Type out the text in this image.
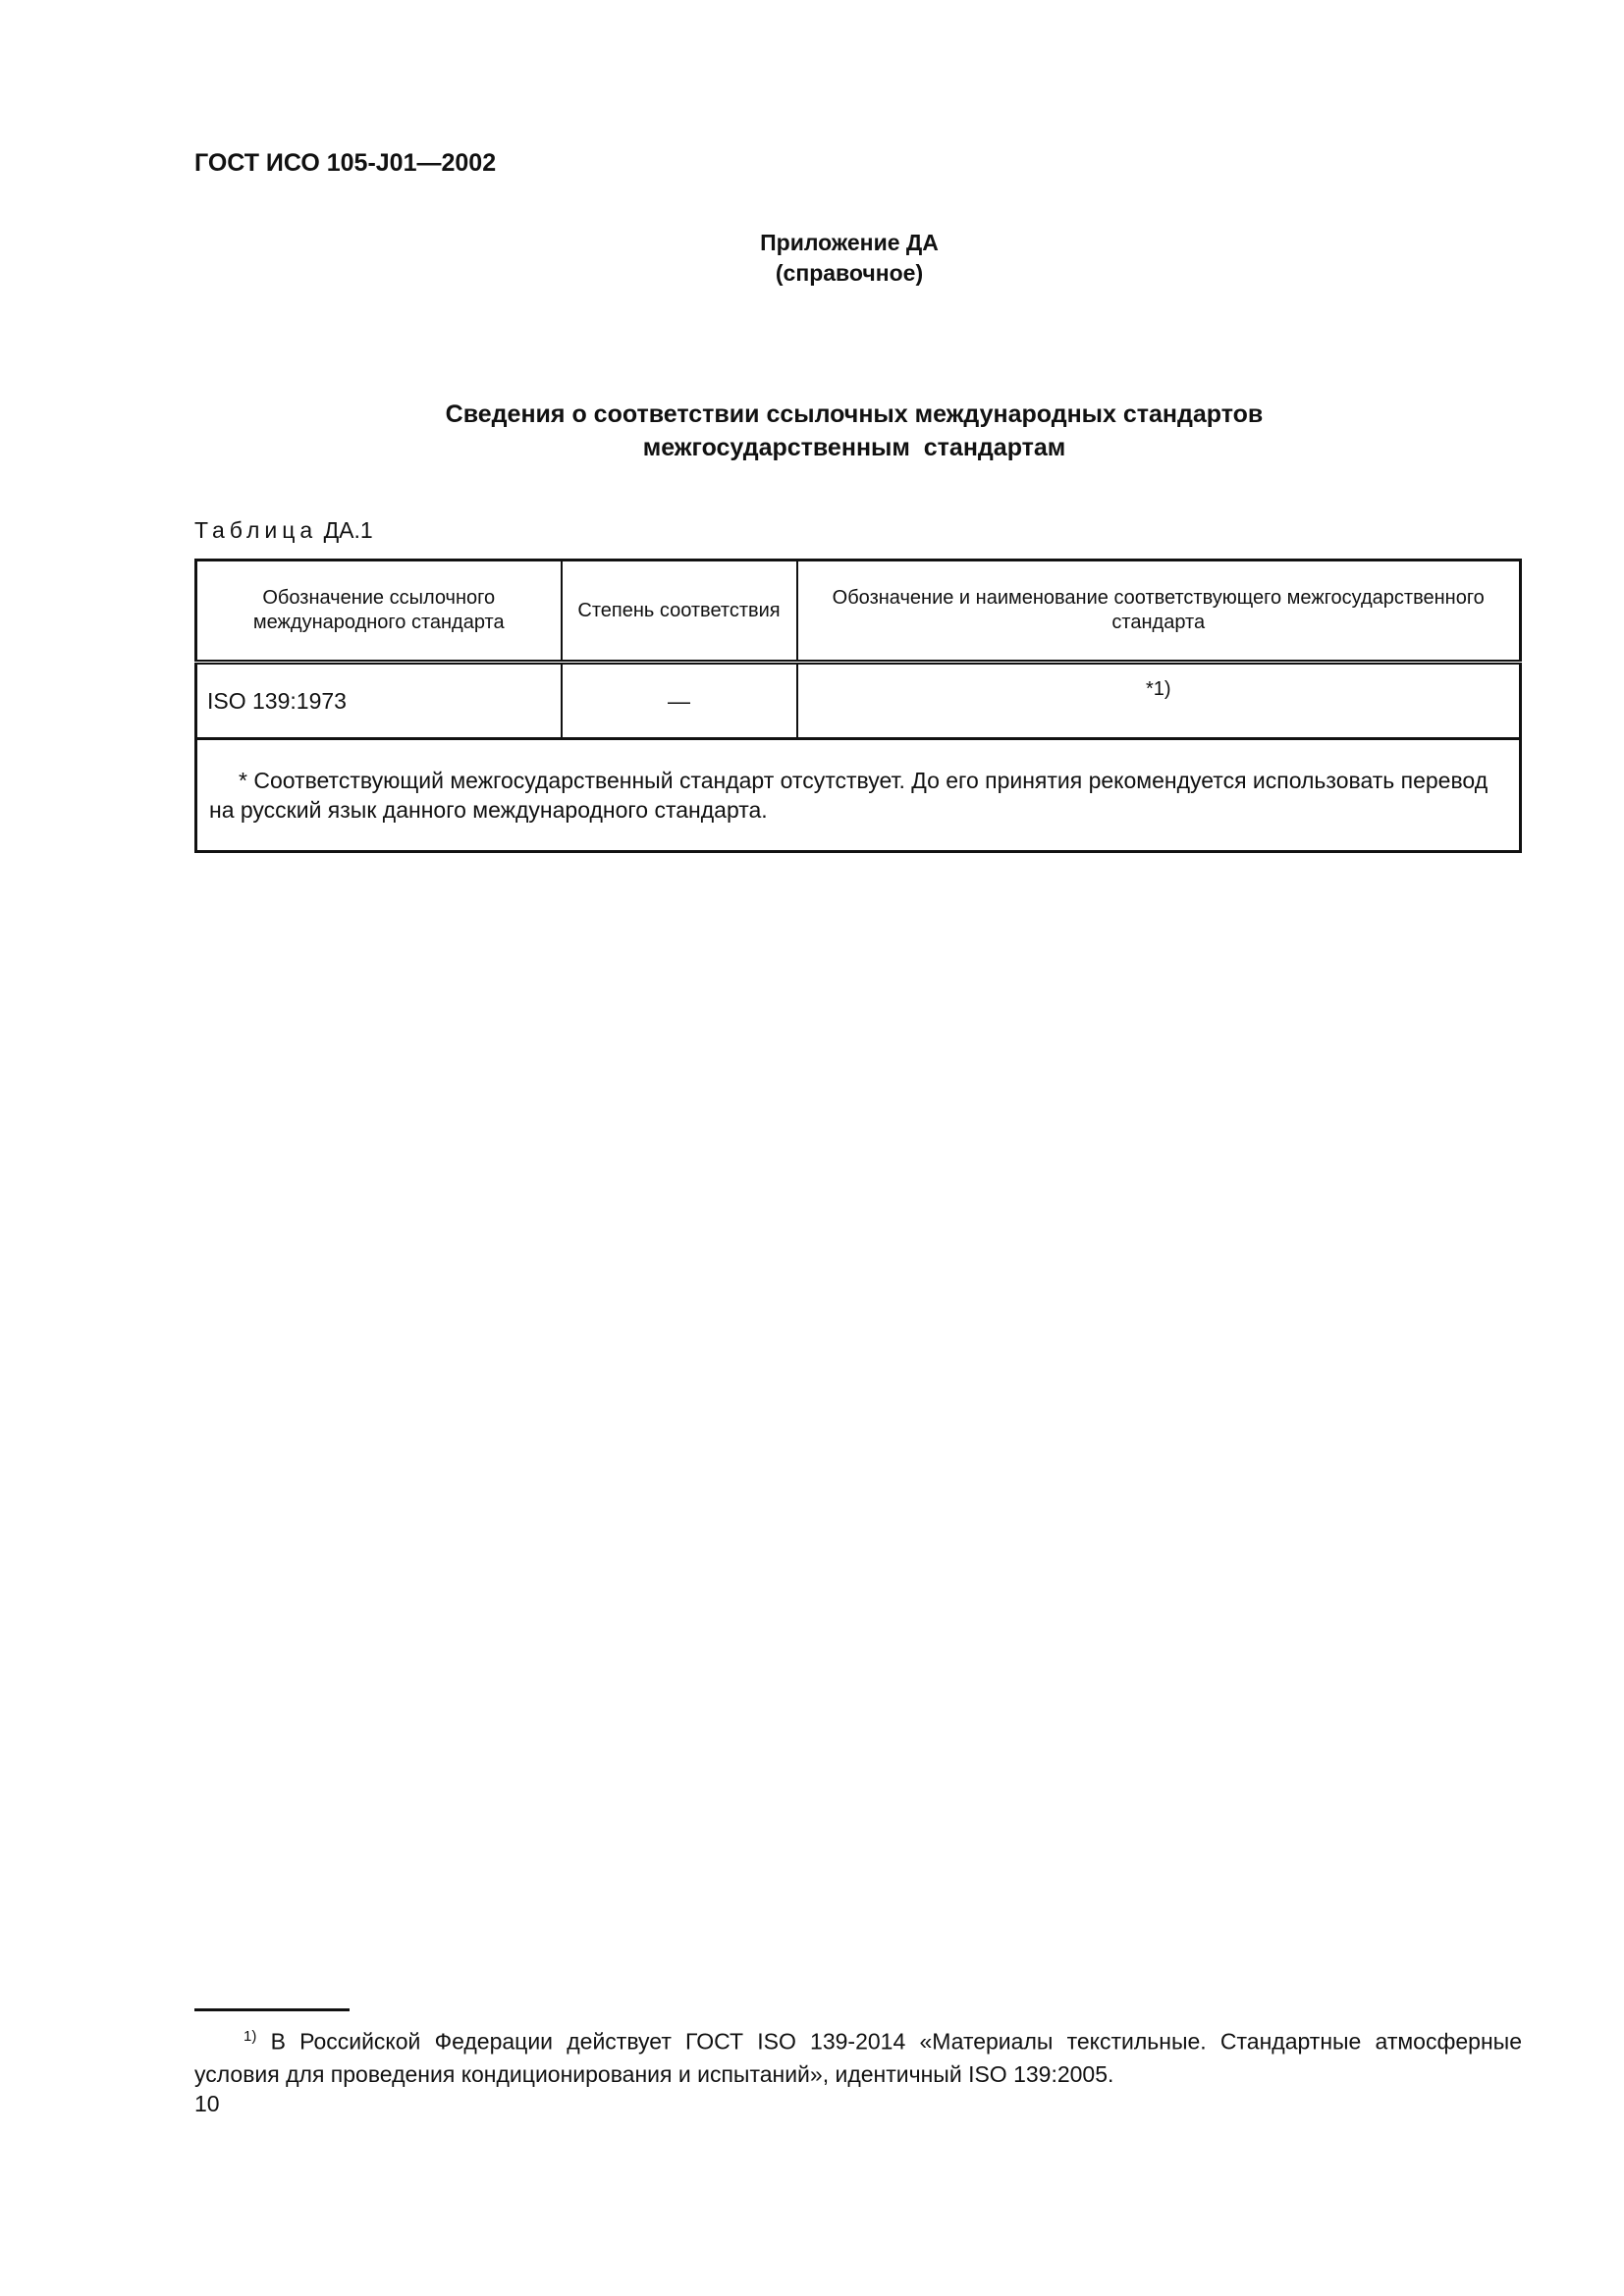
ГОСТ ИСО 105-J01—2002
Приложение ДА
(справочное)
Сведения о соответствии ссылочных международных стандартов
межгосударственным  стандартам
Таблица ДА.1
Обозначение ссылочного международного стандарта	Степень соответствия	Обозначение и наименование соответствующего межгосударственного стандарта
ISO 139:1973	—	*1)
* Соответствующий межгосударственный стандарт отсутствует. До его принятия рекомендуется использовать перевод на русский язык данного международного стандарта.		
$^{1)}$ В Российской Федерации действует ГОСТ ISO 139-2014 «Материалы текстильные. Стандартные атмосферные условия для проведения кондиционирования и испытаний», идентичный ISO 139:2005.
10
